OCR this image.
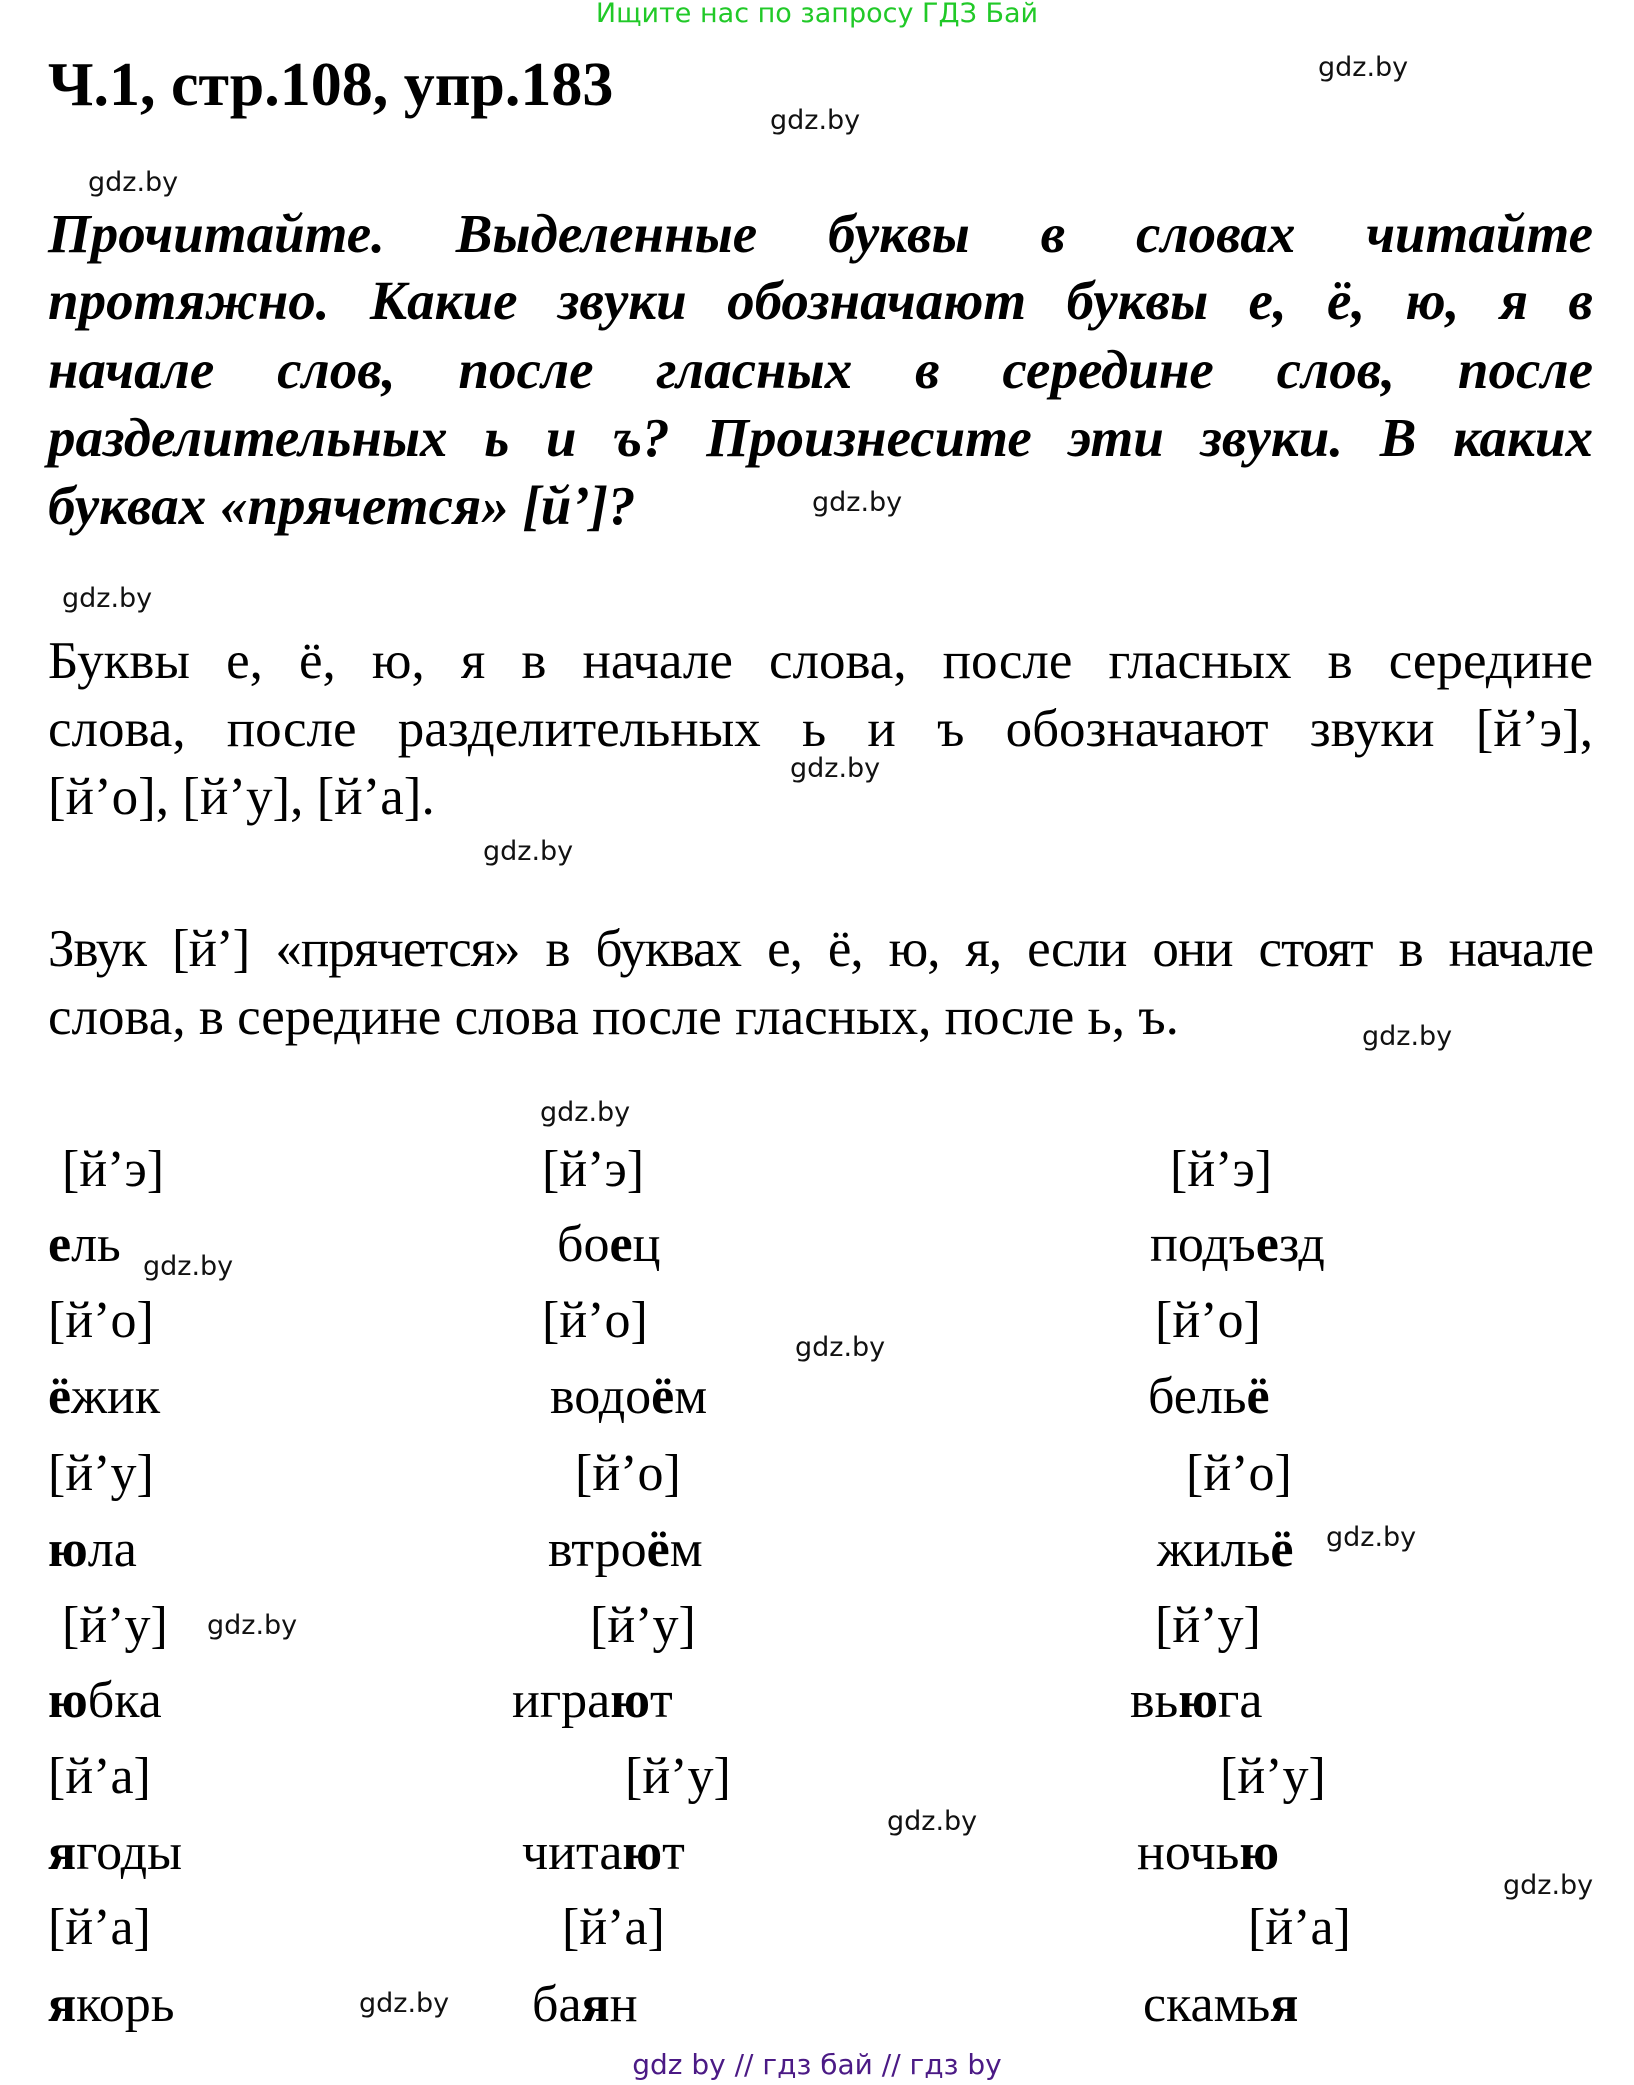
Ищите нас по запросу ГДЗ Бай
Ч.1, стр.108, упр.183
Прочитайте. Выделенные буквы в словах читайте
протяжно. Какие звуки обозначают буквы е, ё, ю, я в
начале слов, после гласных в середине слов, после
разделительных ь и ъ? Произнесите эти звуки. В каких
буквах «прячется» [й’]?
Буквы е, ё, ю, я в начале слова, после гласных в середине
слова, после разделительных ь и ъ обозначают звуки [й’э],
[й’о], [й’у], [й’а].
Звук [й’] «прячется» в буквах е, ё, ю, я, если они стоят в начале
слова, в середине слова после гласных, после ь, ъ.
[й’э]
ель
[й’о]
ёжик
[й’у]
юла
[й’у]
юбка
[й’а]
ягоды
[й’а]
якорь
[й’э]
боец
[й’о]
водоём
[й’о]
втроём
[й’у]
играют
[й’у]
читают
[й’а]
баян
[й’э]
подъезд
[й’о]
бельё
[й’о]
жильё
[й’у]
вьюга
[й’у]
ночью
[й’а]
скамья
gdz.by
gdz.by
gdz.by
gdz.by
gdz.by
gdz.by
gdz.by
gdz.by
gdz.by
gdz.by
gdz.by
gdz.by
gdz.by
gdz.by
gdz.by
gdz.by
gdz by // гдз бай // гдз by
